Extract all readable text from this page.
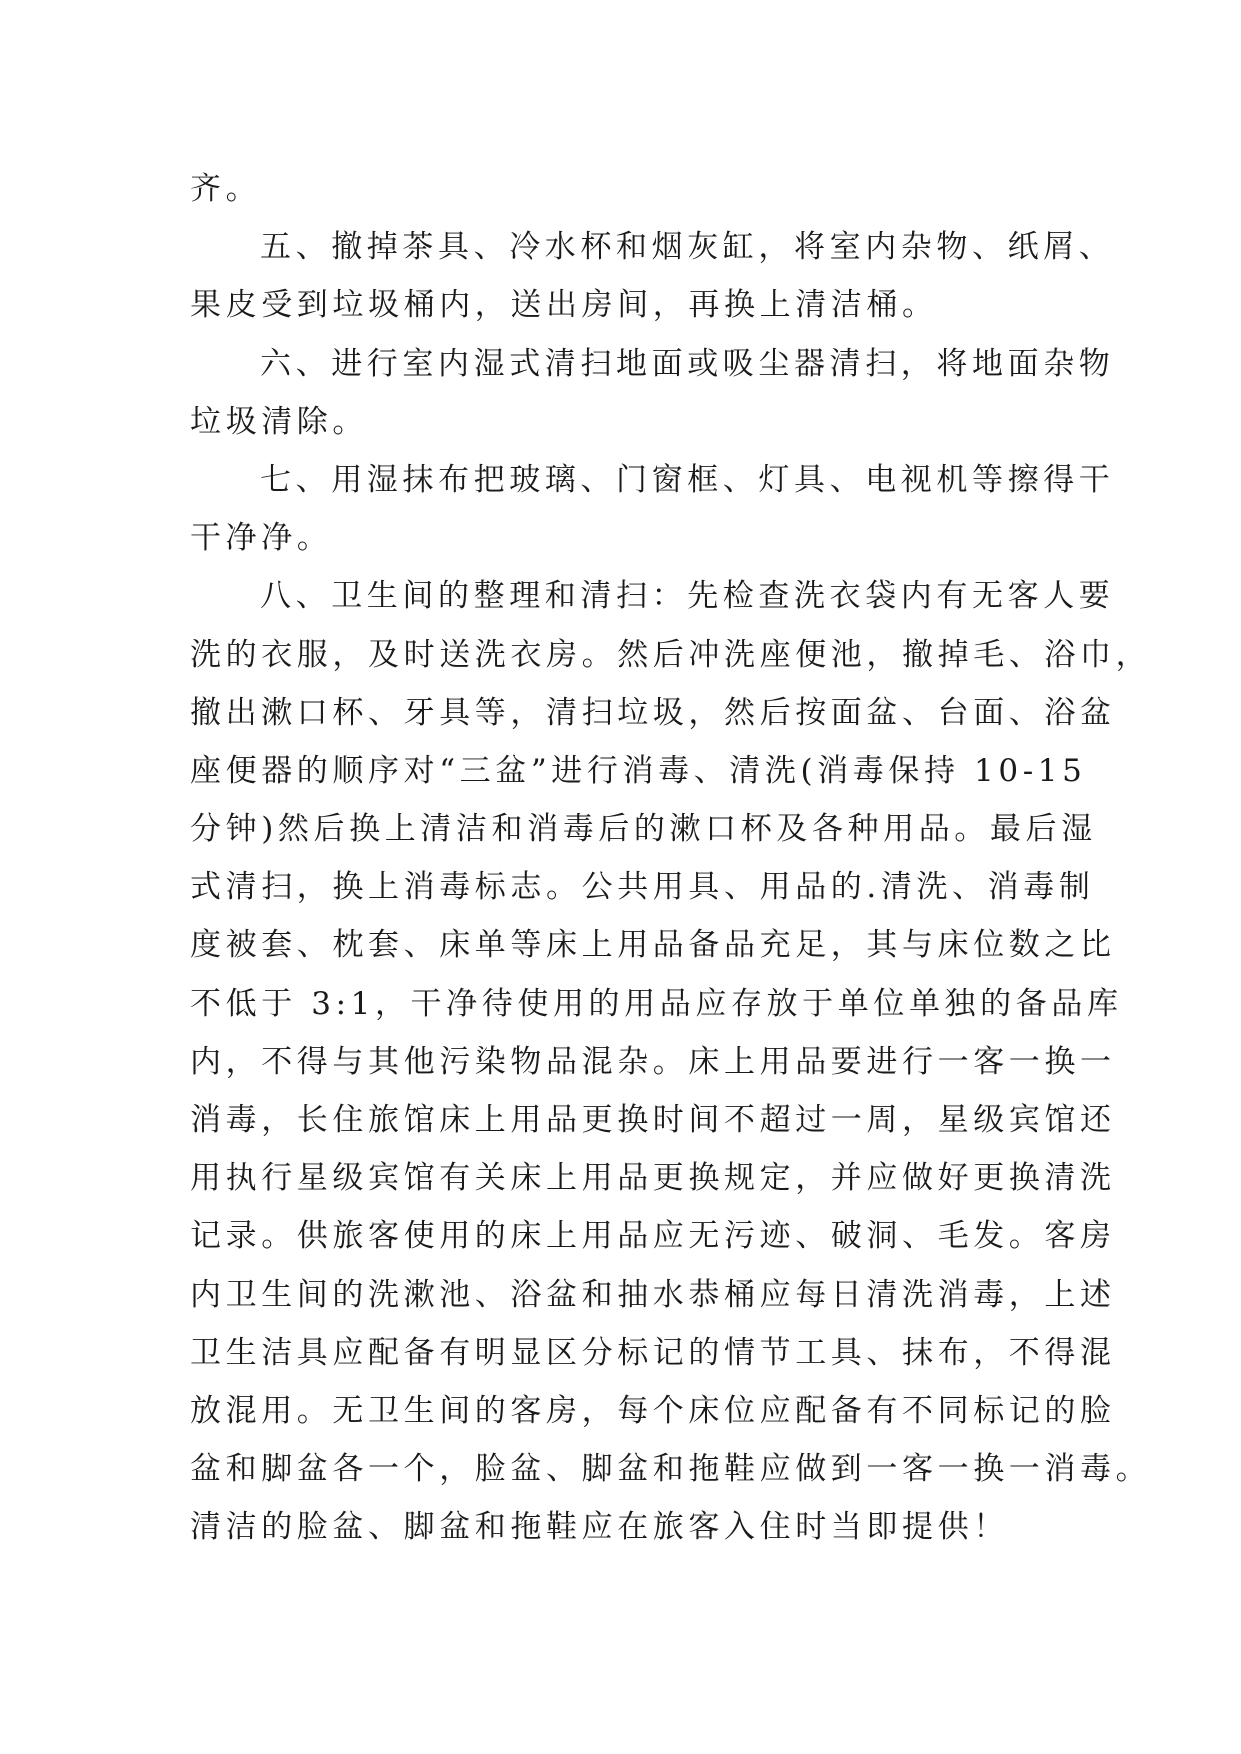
齐。
五、撤掉茶具、冷水杯和烟灰缸，将室内杂物、纸屑、
果皮受到垃圾桶内，送出房间，再换上清洁桶。
六、进行室内湿式清扫地面或吸尘器清扫，将地面杂物
垃圾清除。
七、用湿抹布把玻璃、门窗框、灯具、电视机等擦得干
干净净。
八、卫生间的整理和清扫：先检查洗衣袋内有无客人要
洗的衣服，及时送洗衣房。然后冲洗座便池，撤掉毛、浴巾，
撤出漱口杯、牙具等，清扫垃圾，然后按面盆、台面、浴盆
座便器的顺序对“三盆”进行消毒、清洗(消毒保持 10-15
分钟)然后换上清洁和消毒后的漱口杯及各种用品。最后湿
式清扫，换上消毒标志。公共用具、用品的.清洗、消毒制
度被套、枕套、床单等床上用品备品充足，其与床位数之比
不低于 3:1，干净待使用的用品应存放于单位单独的备品库
内，不得与其他污染物品混杂。床上用品要进行一客一换一
消毒，长住旅馆床上用品更换时间不超过一周，星级宾馆还
用执行星级宾馆有关床上用品更换规定，并应做好更换清洗
记录。供旅客使用的床上用品应无污迹、破洞、毛发。客房
内卫生间的洗漱池、浴盆和抽水恭桶应每日清洗消毒，上述
卫生洁具应配备有明显区分标记的情节工具、抹布，不得混
放混用。无卫生间的客房，每个床位应配备有不同标记的脸
盆和脚盆各一个，脸盆、脚盆和拖鞋应做到一客一换一消毒。
清洁的脸盆、脚盆和拖鞋应在旅客入住时当即提供！
